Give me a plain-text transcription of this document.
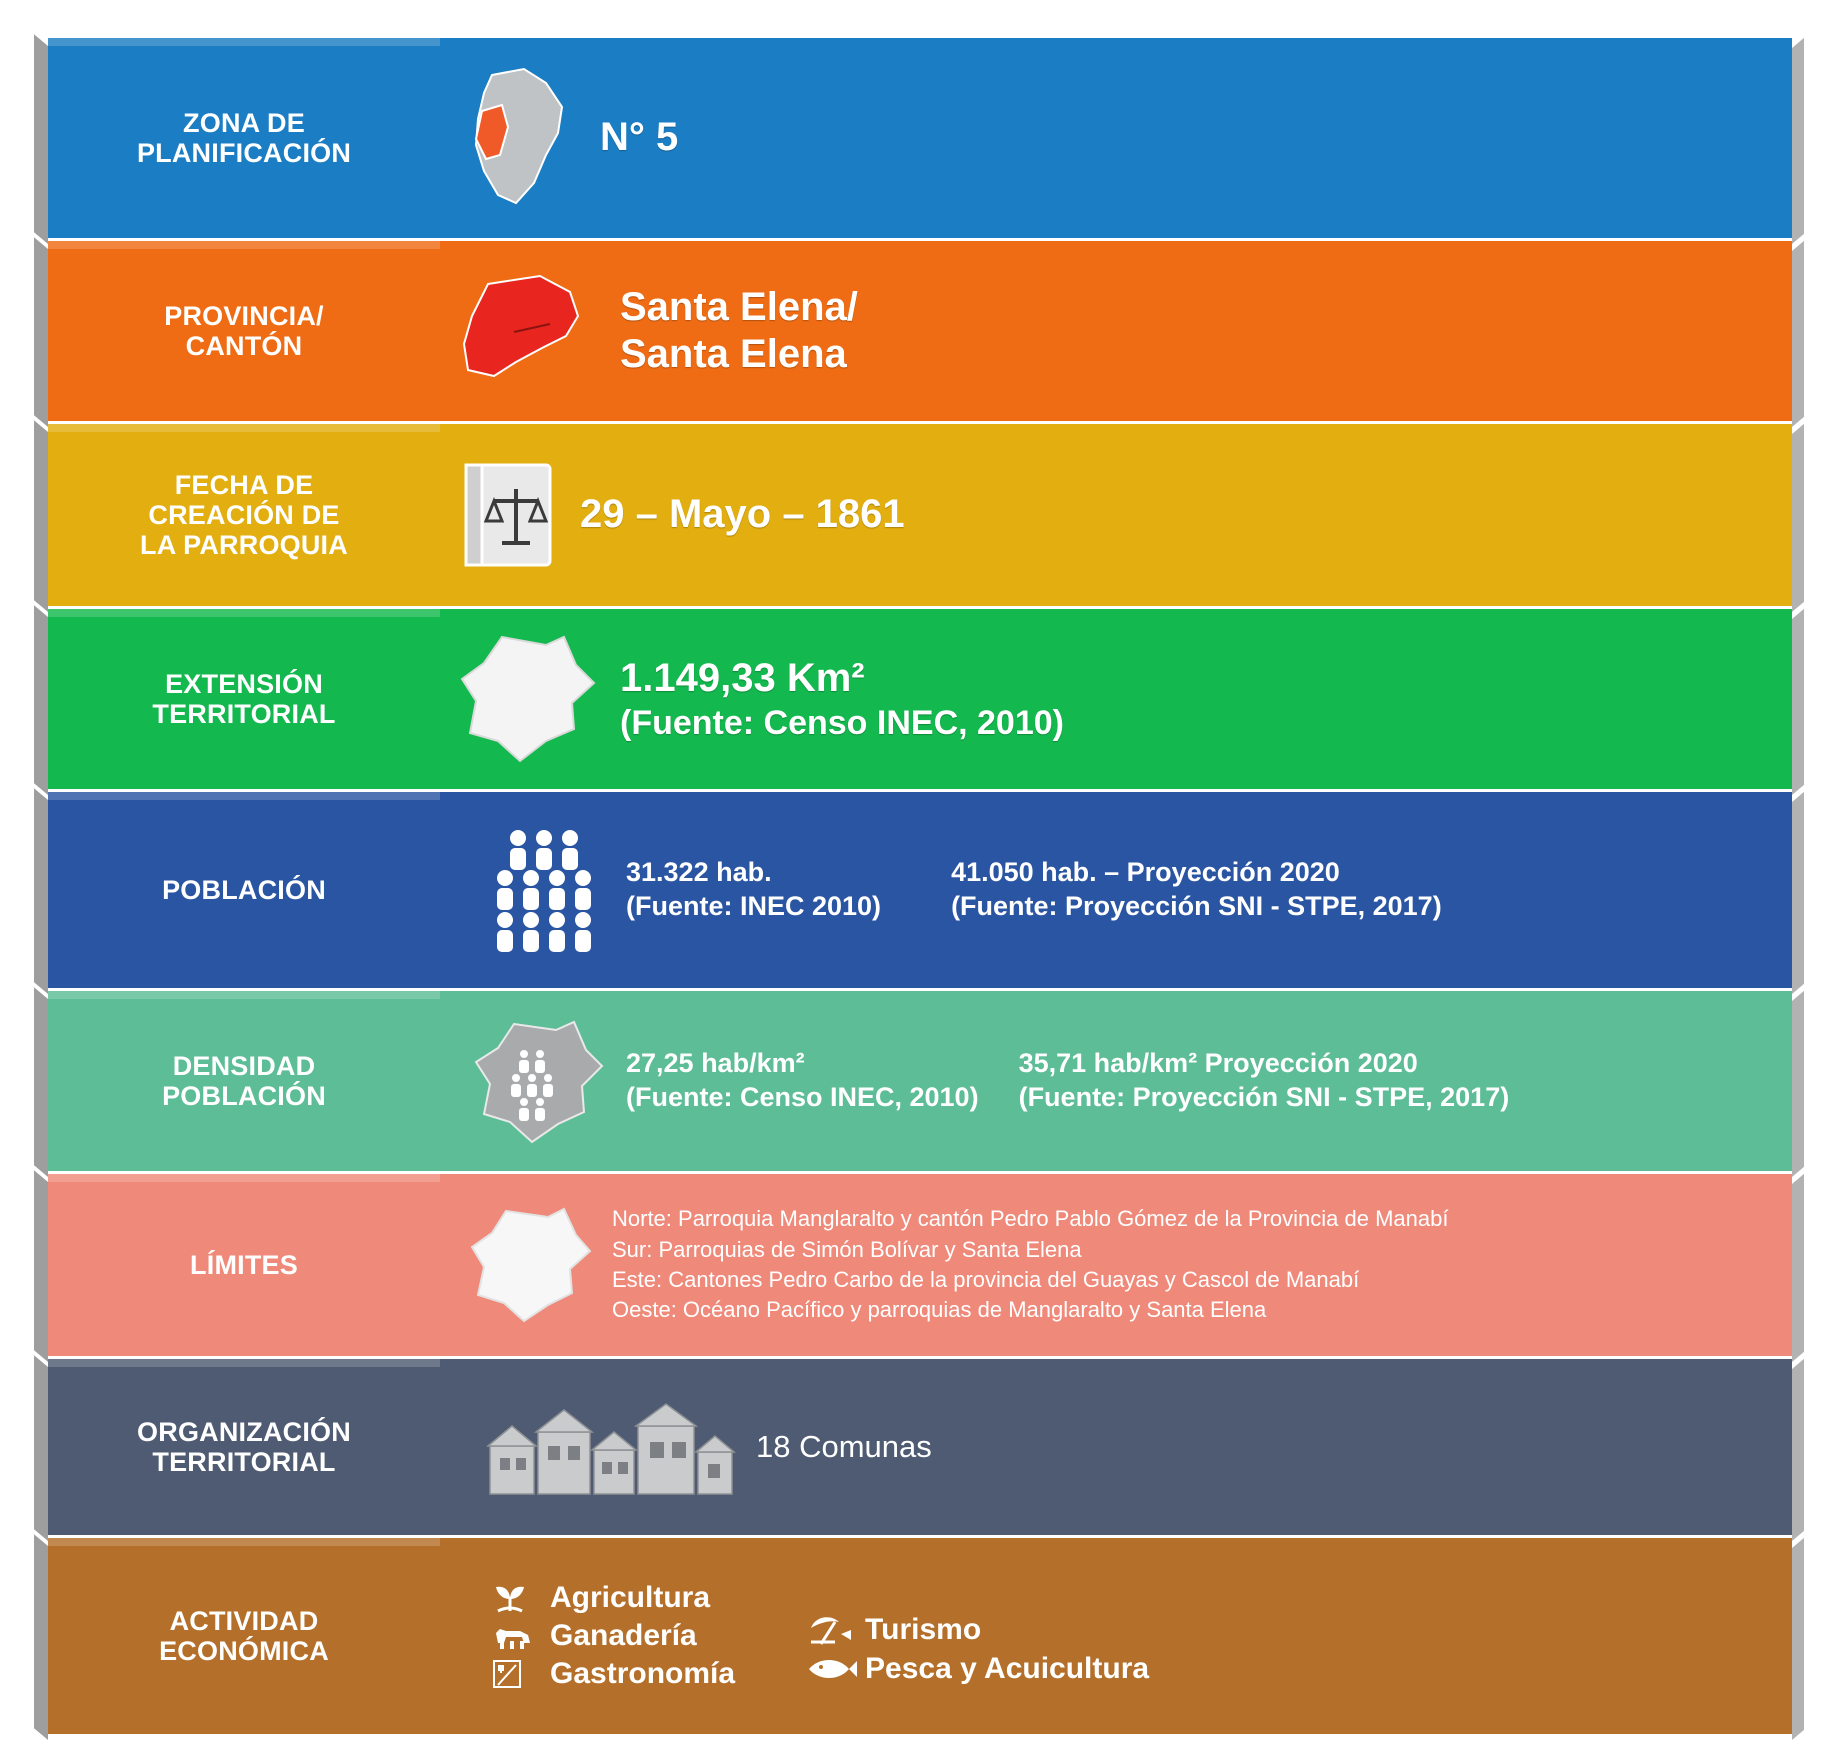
ZONA DE
PLANIFICACIÓN	N° 5
PROVINCIA/
CANTÓN
Santa Elena/
Santa Elena
FECHA DE
CREACIÓN DE
LA PARROQUIA
29 – Mayo – 1861
EXTENSIÓN
TERRITORIAL
1.149,33 Km²
(Fuente: Censo INEC, 2010)
POBLACIÓN

31.322 hab.

(Fuente: INEC 2010)

41.050 hab. – Proyección 2020

(Fuente: Proyección SNI - STPE, 2017)

DENSIDAD
POBLACIÓN

27,25 hab/km²

(Fuente: Censo INEC, 2010)

35,71 hab/km² Proyección 2020

(Fuente: Proyección SNI - STPE, 2017)

LÍMITES

Norte: Parroquia Manglaralto y cantón Pedro Pablo Gómez de la Provincia de Manabí

Sur: Parroquias de Simón Bolívar y Santa Elena

Este: Cantones Pedro Carbo de la provincia del Guayas y Cascol de Manabí

Oeste: Océano Pacífico y parroquias de Manglaralto y Santa Elena

ORGANIZACIÓN
TERRITORIAL	18 Comunas
ACTIVIDAD
ECONÓMICA
Agricultura
Ganadería
Gastronomía
Turismo
Pesca y Acuicultura
